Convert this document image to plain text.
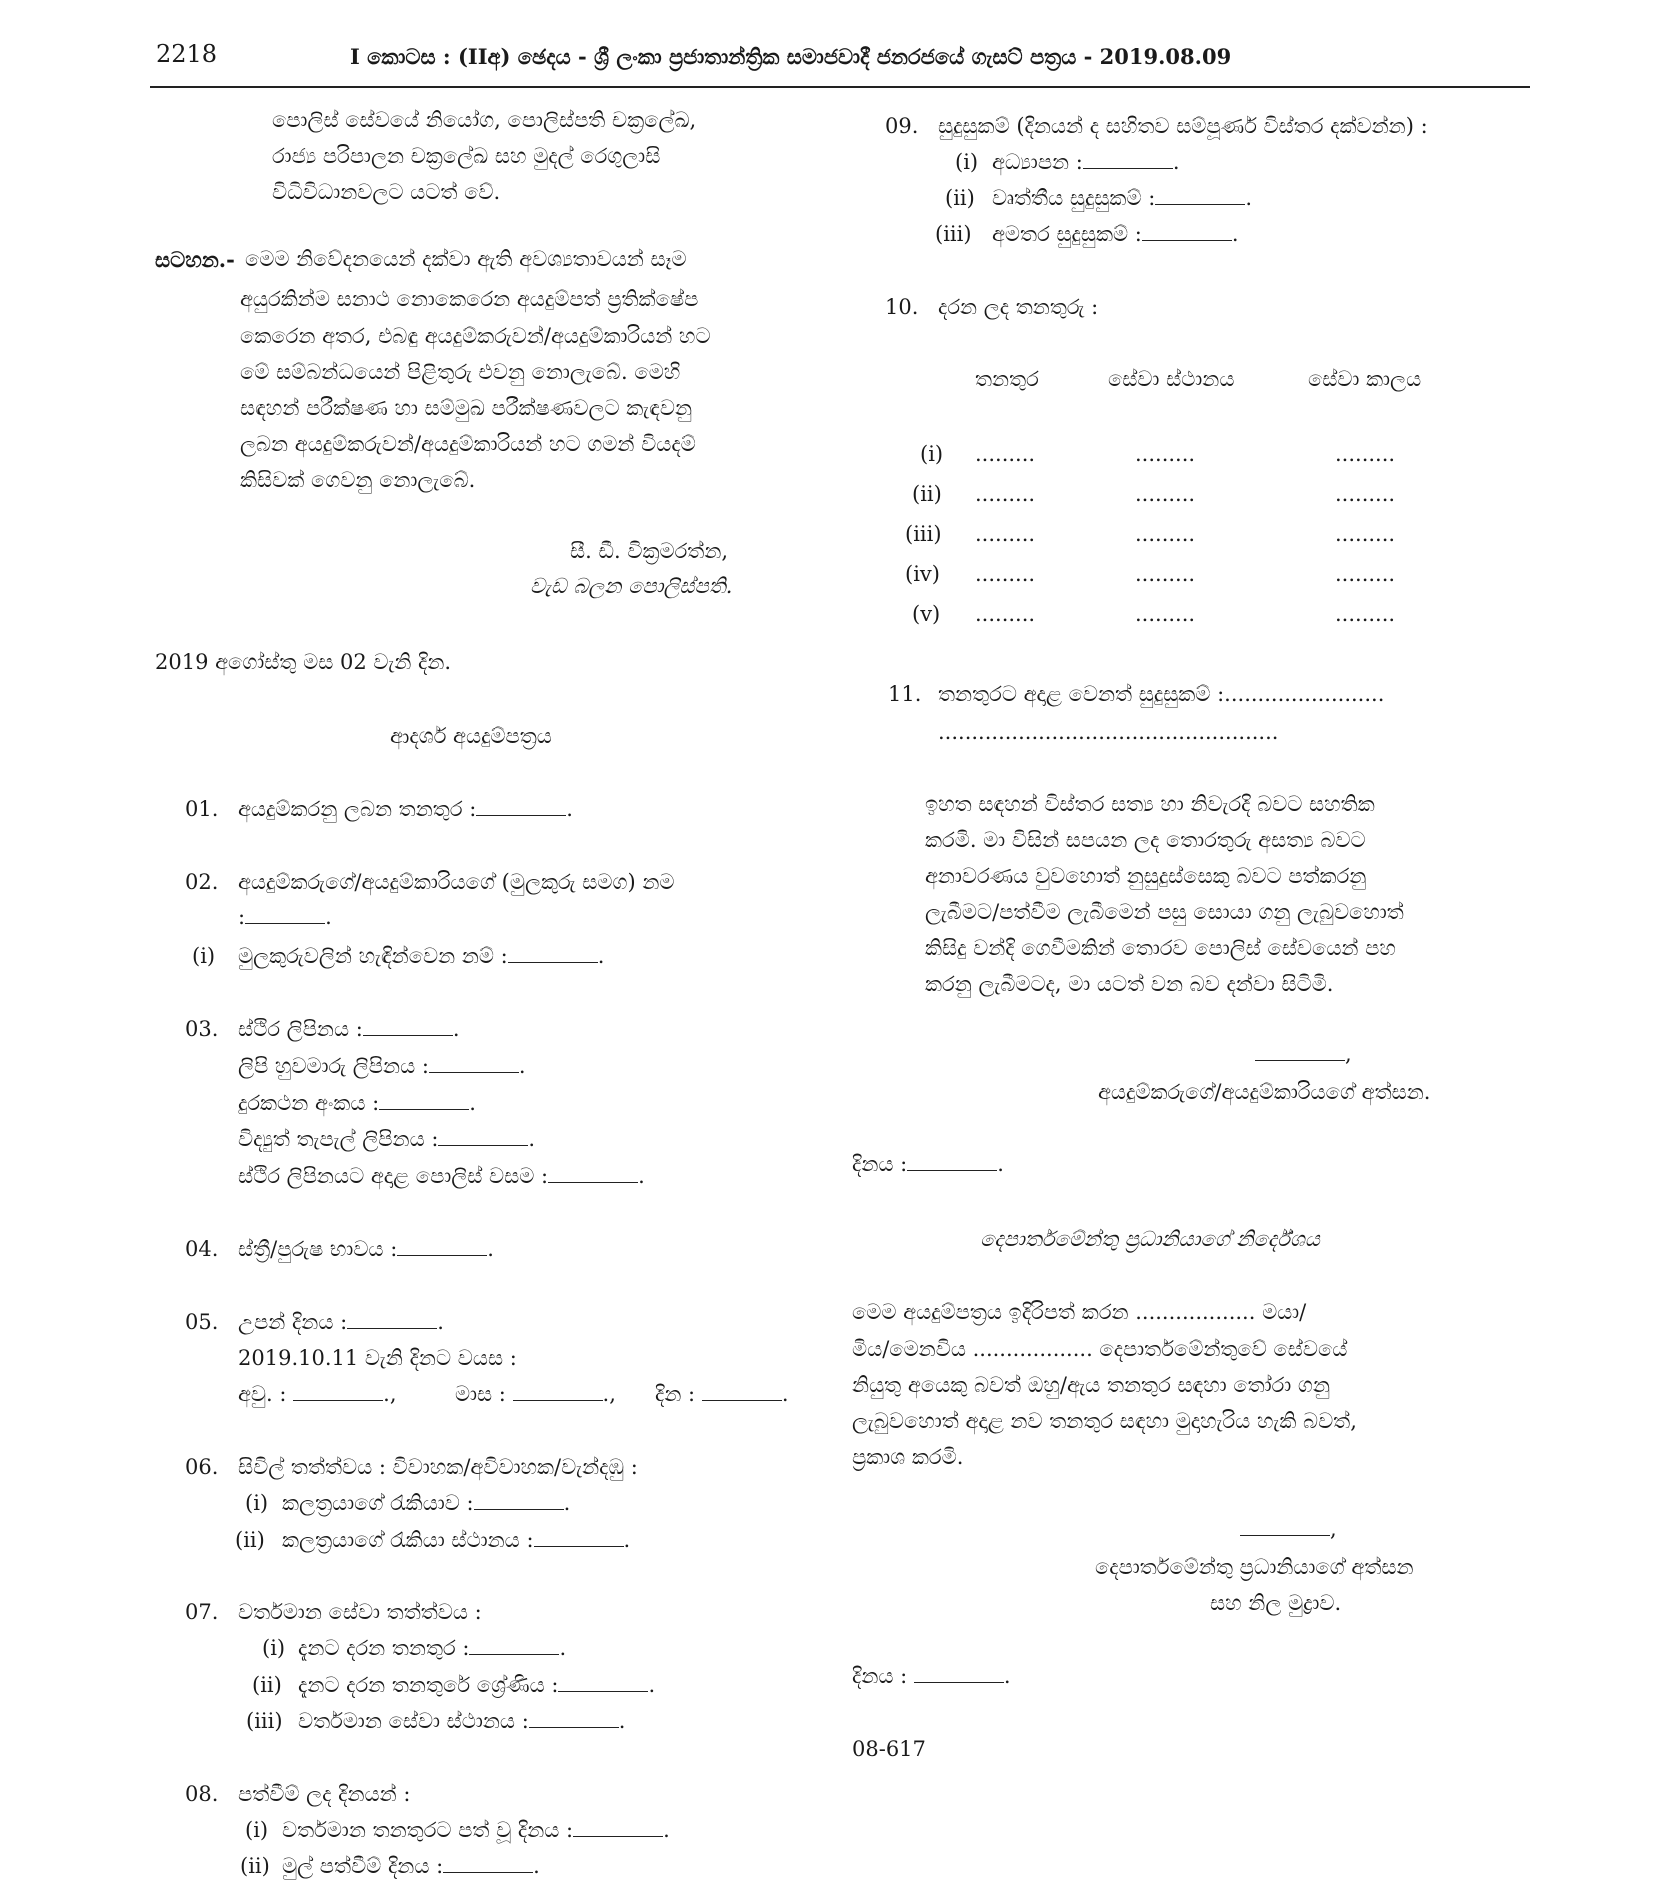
2218	I කොටස : (IIඅ) ඡෙදය - ශ්‍රී ලංකා ප්‍රජාතාන්ත්‍රික සමාජවාදී ජනරජයේ ගැසට් පත්‍රය - 2019.08.09
පොලිස් සේවයේ නියෝග, පොලිස්පති චක්‍රලේඛ,
රාජ්‍ය පරිපාලන චක්‍රලේඛ සහ මුදල් රෙගුලාසි
විධිවිධානවලට යටත් වේ.
සටහන.- මෙම නිවේදනයෙන් දක්වා ඇති අවශ්‍යතාවයන් සෑම
අයුරකින්ම සනාථ නොකෙරෙන අයදුම්පත් ප්‍රතික්ෂේප
කෙරෙන අතර, එබඳු අයදුම්කරුවන්/අයදුම්කාරියන් හට
මේ සම්බන්ධයෙන් පිළිතුරු එවනු නොලැබේ. මෙහි
සඳහන් පරීක්ෂණ හා සම්මුඛ පරීක්ෂණවලට කැඳවනු
ලබන අයදුම්කරුවන්/අයදුම්කාරියන් හට ගමන් වියදම්
කිසිවක් ගෙවනු නොලැබේ.
සී. ඩී. වික්‍රමරත්න,
වැඩ බලන පොලිස්පති.
2019 අගෝස්තු මස 02 වැනි දින.
ආදර්ශ අයදුම්පත්‍රය
01. අයදුම්කරනු ලබන තනතුර :	.
02. අයදුම්කරුගේ/අයදුම්කාරියගේ (මුලකුරු සමග) නම
:	.
(i) මුලකුරුවලින් හැඳින්වෙන නම් :	.
03. ස්ථිර ලිපිනය :	.
ලිපි හුවමාරු ලිපිනය :	.
දුරකථන අංකය :	.
විද්‍යුත් තැපැල් ලිපිනය :	.
ස්ථිර ලිපිනයට අදාළ පොලිස් වසම :	.
04. ස්ත්‍රී/පුරුෂ භාවය :	.
05. උපන් දිනය :	.
2019.10.11 වැනි දිනට වයස :
අවු. :	.,	මාස :	., දින :	.
06. සිවිල් තත්ත්වය : විවාහක/අවිවාහක/වැන්දඹු :
(i) කලත්‍රයාගේ රැකියාව :	.
(ii) කලත්‍රයාගේ රැකියා ස්ථානය :	.
07. වර්තමාන සේවා තත්ත්වය :
(i) දැනට දරන තනතුර :	.
(ii) දැනට දරන තනතුරේ ශ්‍රේණිය :	.
(iii) වර්තමාන සේවා ස්ථානය :	.
08. පත්වීම් ලද දිනයන් :
(i) වර්තමාන තනතුරට පත් වූ දිනය :	.
(ii) මුල් පත්වීම් දිනය :	.
09. සුදුසුකම් (දිනයන් ද සහිතව සම්පූර්ණ විස්තර දක්වන්න) :
(i) අධ්‍යාපන :	.
(ii) වෘත්තීය සුදුසුකම් :	.
(iii) අමතර සුදුසුකම් :	.
10. දරන ලද තනතුරු :
තනතුර	සේවා ස්ථානය	සේවා කාලය
(i) .........	.........	.........
(ii) .........	.........	.........
(iii) .........	.........	.........
(iv) .........	.........	.........
(v) .........	.........	.........
11. තනතුරට අදාළ වෙනත් සුදුසුකම් :........................
...................................................
ඉහත සඳහන් විස්තර සත්‍ය හා නිවැරදි බවට සහතික
කරමි. මා විසින් සපයන ලද තොරතුරු අසත්‍ය බවට
අනාවරණය වුවහොත් නුසුදුස්සෙකු බවට පත්කරනු
ලැබීමට/පත්වීම ලැබීමෙන් පසු සොයා ගනු ලැබුවහොත්
කිසිදු වන්දි ගෙවීමකින් තොරව පොලිස් සේවයෙන් පහ
කරනු ලැබීමටද, මා යටත් වන බව දන්වා සිටිමි.
,
අයදුම්කරුගේ/අයදුම්කාරියගේ අත්සන.
දිනය :	.
දෙපාර්තමේන්තු ප්‍රධානියාගේ නිර්දේශය
මෙම අයදුම්පත්‍රය ඉදිරිපත් කරන .................. මයා/
මිය/මෙනවිය .................. දෙපාර්තමේන්තුවේ සේවයේ
නියුතු අයෙකු බවත් ඔහු/ඇය තනතුර සඳහා තෝරා ගනු
ලැබුවහොත් අදාළ නව තනතුර සඳහා මුදාහැරිය හැකි බවත්,
ප්‍රකාශ කරමි.
,
දෙපාර්තමේන්තු ප්‍රධානියාගේ අත්සන
සහ නිල මුද්‍රාව.
දිනය :	.
08-617
